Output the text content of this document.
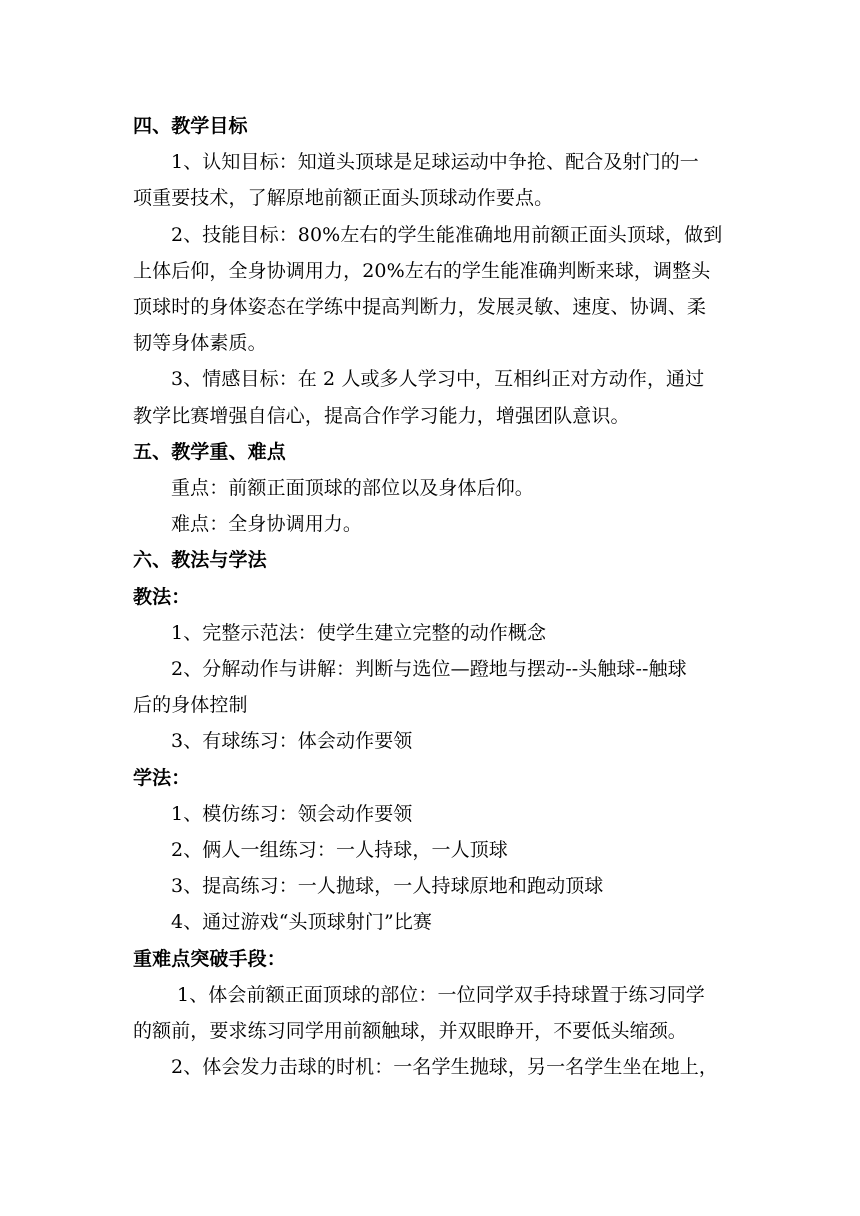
四、教学目标
1、认知目标：知道头顶球是足球运动中争抢、配合及射门的一
项重要技术，了解原地前额正面头顶球动作要点。
2、技能目标：80%左右的学生能准确地用前额正面头顶球，做到
上体后仰，全身协调用力，20%左右的学生能准确判断来球，调整头
顶球时的身体姿态在学练中提高判断力，发展灵敏、速度、协调、柔
韧等身体素质。
3、情感目标：在 2 人或多人学习中，互相纠正对方动作，通过
教学比赛增强自信心，提高合作学习能力，增强团队意识。
五、教学重、难点
重点：前额正面顶球的部位以及身体后仰。
难点：全身协调用力。
六、教法与学法
教法：
1、完整示范法：使学生建立完整的动作概念
2、分解动作与讲解：判断与选位—蹬地与摆动--头触球--触球
后的身体控制
3、有球练习：体会动作要领
学法：
1、模仿练习：领会动作要领
2、俩人一组练习：一人持球，一人顶球
3、提高练习：一人抛球，一人持球原地和跑动顶球
4、通过游戏“头顶球射门”比赛
重难点突破手段：
1、体会前额正面顶球的部位：一位同学双手持球置于练习同学
的额前，要求练习同学用前额触球，并双眼睁开，不要低头缩颈。
2、体会发力击球的时机：一名学生抛球，另一名学生坐在地上，
